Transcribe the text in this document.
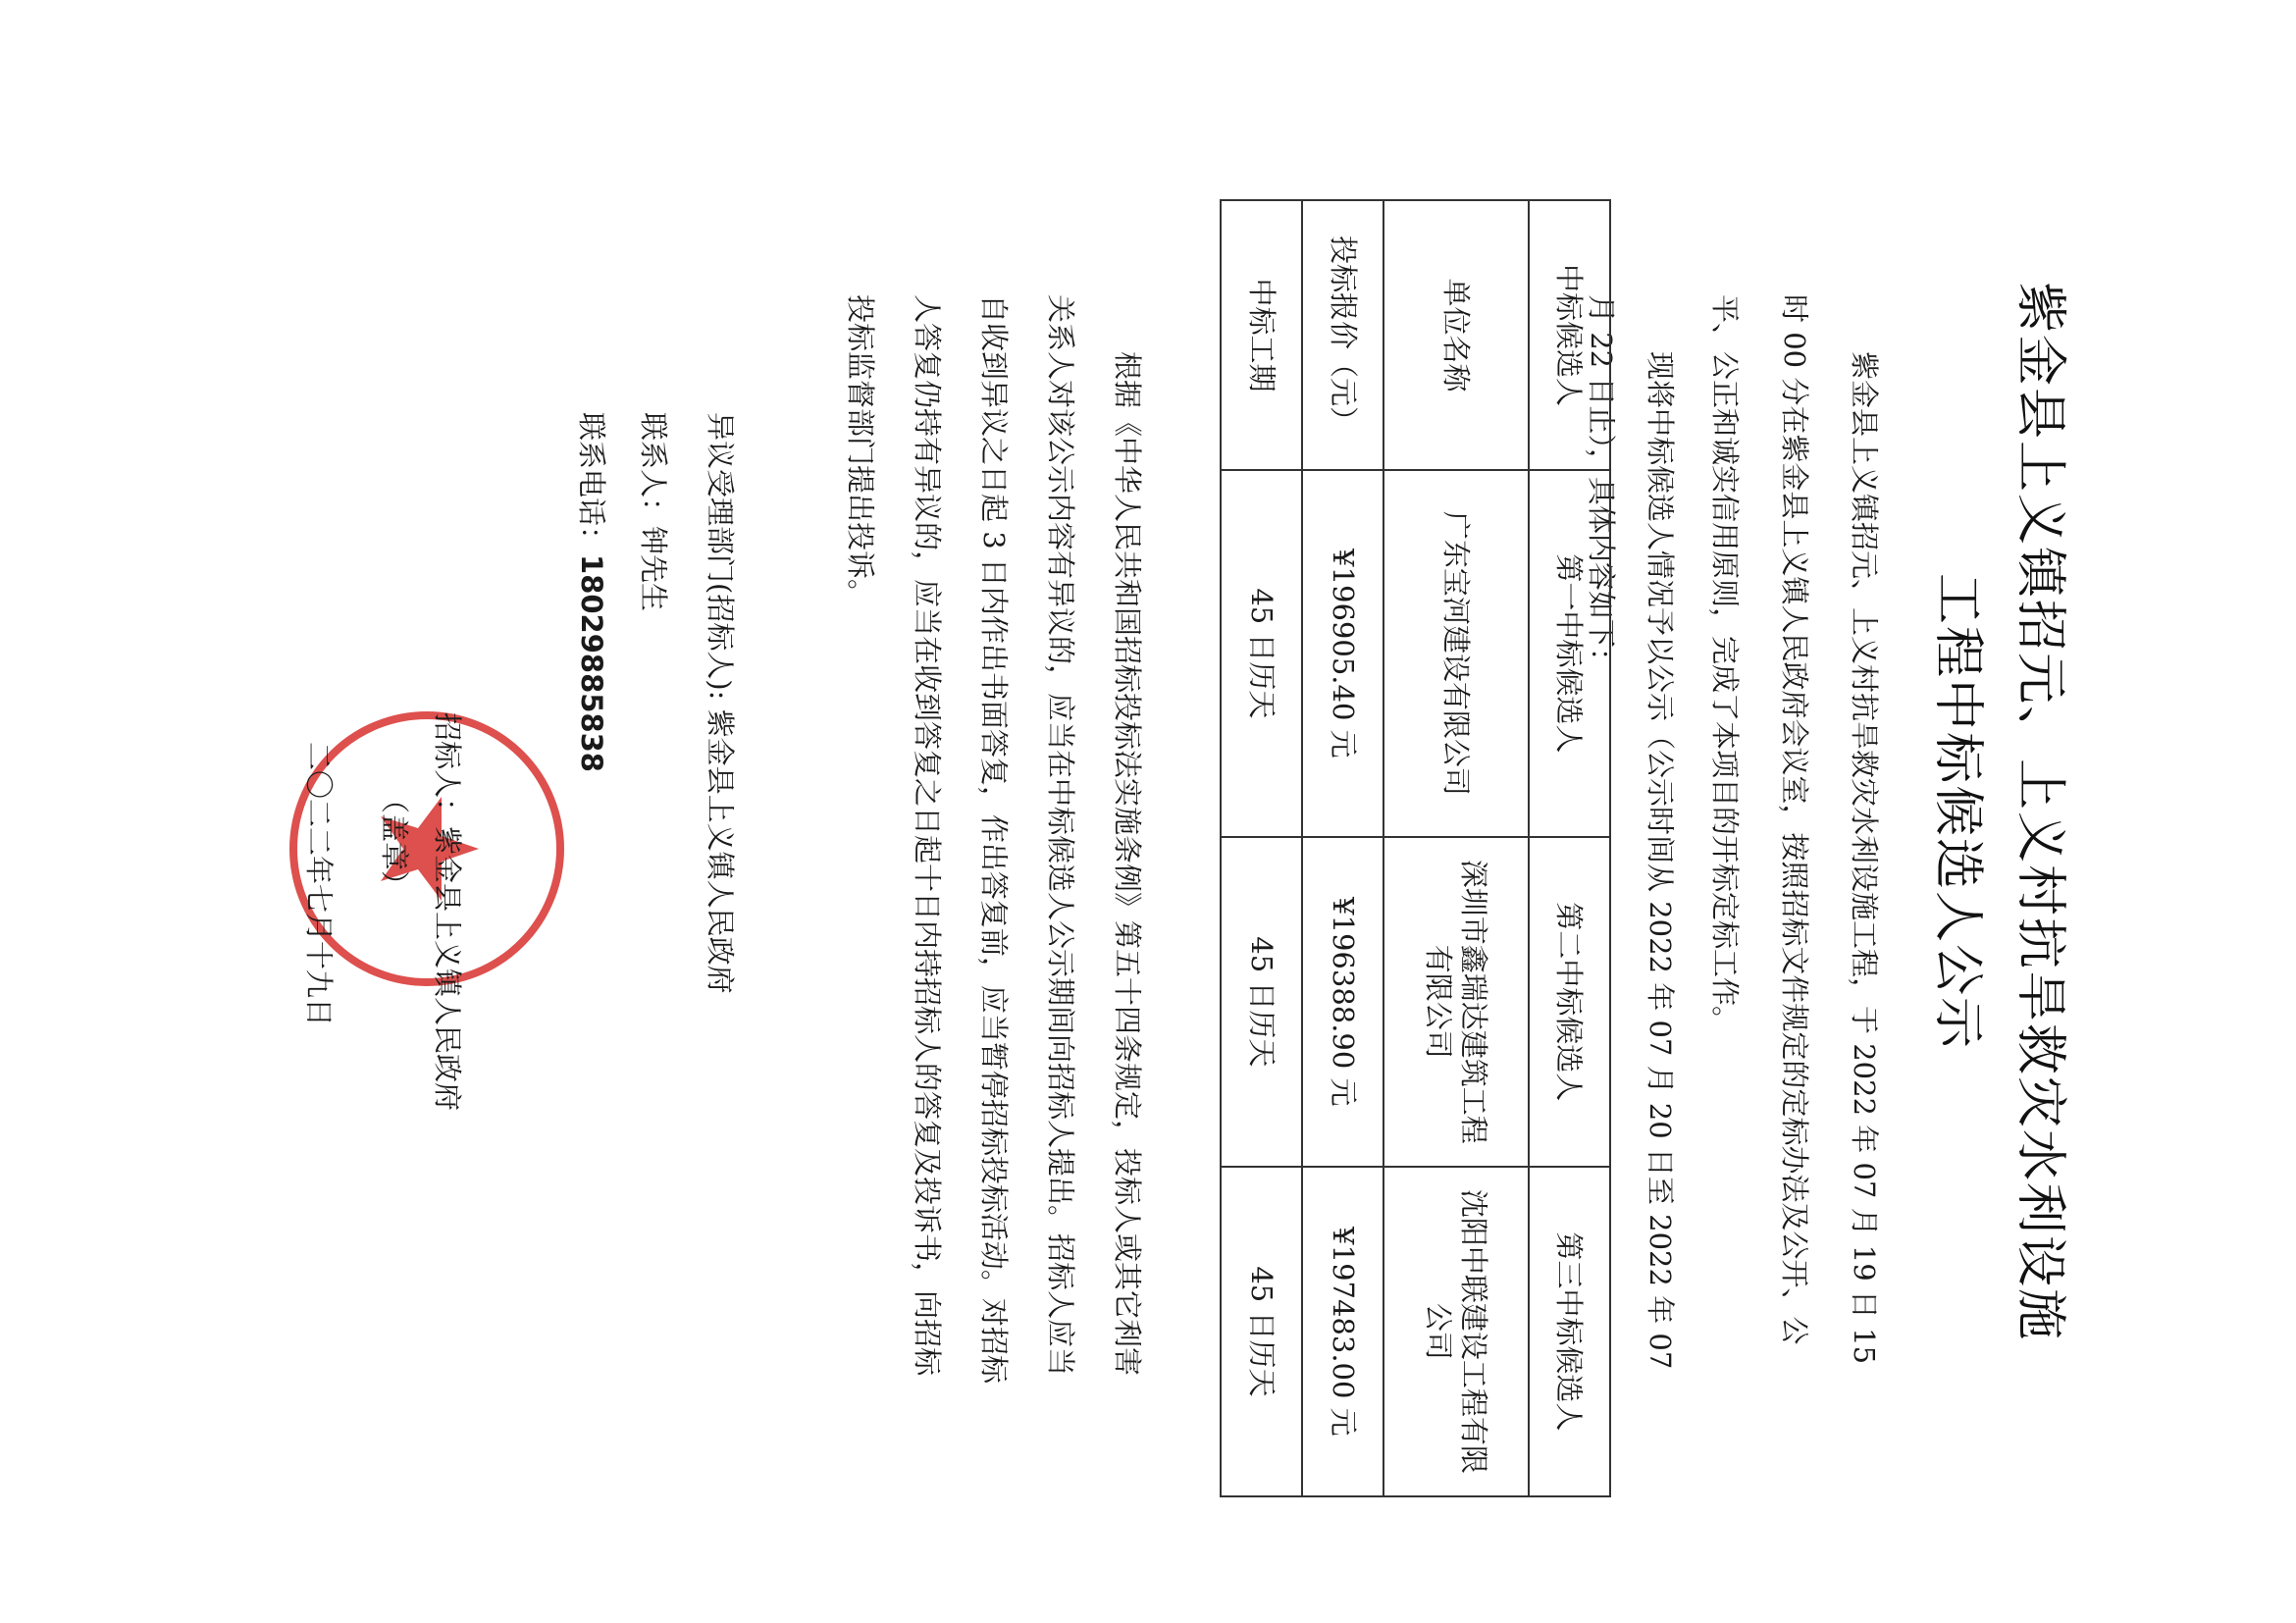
紫金县上义镇招元、上义村抗旱救灾水利设施
工程中标候选人公示
紫金县上义镇招元、上义村抗旱救灾水利设施工程，于 2022 年 07 月 19 日 15 时 00 分在紫金县上义镇人民政府会议室，按照招标文件规定的定标办法及公开、公平、公正和诚实信用原则，完成了本项目的开标定标工作。
现将中标候选人情况予以公示（公示时间从 2022 年 07 月 20 日至 2022 年 07 月 22 日止），具体内容如下：
中标候选人	第一中标候选人	第二中标候选人	第三中标候选人
单位名称	广东宝河建设有限公司	深圳市鑫瑞达建筑工程有限公司	沈阳中联建设工程有限公司
投标报价（元）	¥196905.40 元	¥196388.90 元	¥197483.00 元
中标工期	45 日历天	45 日历天	45 日历天
根据《中华人民共和国招标投标法实施条例》第五十四条规定，投标人或其它利害关系人对该公示内容有异议的，应当在中标候选人公示期间向招标人提出。招标人应当自收到异议之日起 3 日内作出书面答复，作出答复前，应当暂停招标投标活动。对招标人答复仍持有异议的，应当在收到答复之日起十日内持招标人的答复及投诉书，向招标投标监督部门提出投诉。
异议受理部门(招标人): 紫金县上义镇人民政府
联系人：钟先生
联系电话：18029885838
招标人：紫金县上义镇人民政府
（盖章）
二〇二二年七月十九日
